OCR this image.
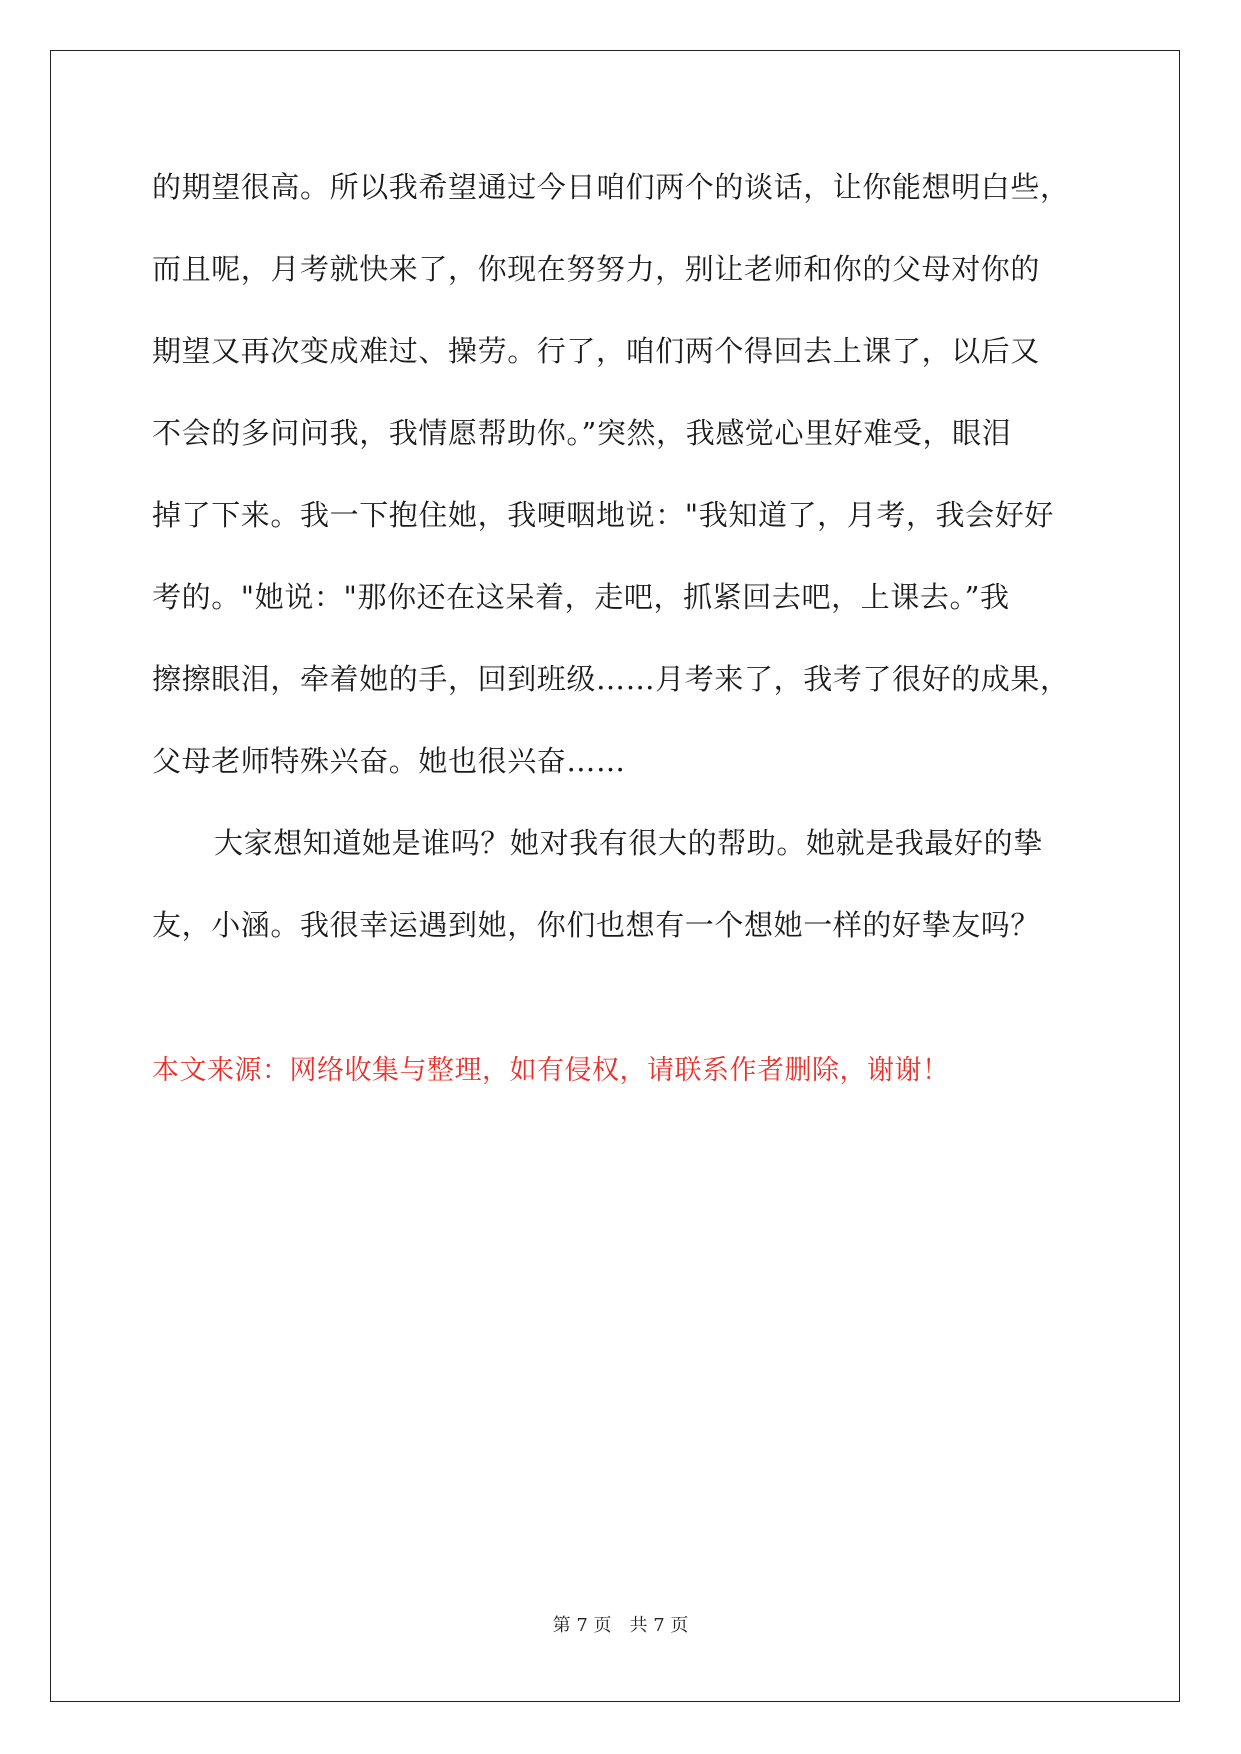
的期望很高。所以我希望通过今日咱们两个的谈话，让你能想明白些，
而且呢，月考就快来了，你现在努努力，别让老师和你的父母对你的
期望又再次变成难过、操劳。行了，咱们两个得回去上课了，以后又
不会的多问问我，我情愿帮助你。”突然，我感觉心里好难受，眼泪
掉了下来。我一下抱住她，我哽咽地说："我知道了，月考，我会好好
考的。"她说："那你还在这呆着，走吧，抓紧回去吧，上课去。”我
擦擦眼泪，牵着她的手，回到班级……月考来了，我考了很好的成果，
父母老师特殊兴奋。她也很兴奋……
大家想知道她是谁吗？她对我有很大的帮助。她就是我最好的挚
友，小涵。我很幸运遇到她，你们也想有一个想她一样的好挚友吗？
本文来源：网络收集与整理，如有侵权，请联系作者删除，谢谢！
第 7 页　共 7 页
